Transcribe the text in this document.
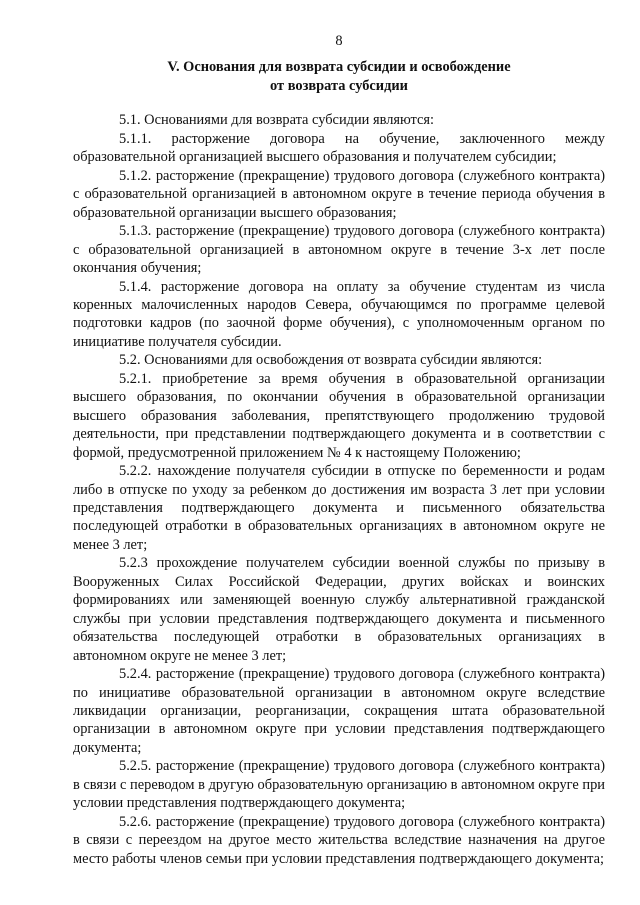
8
V. Основания для возврата субсидии и освобождение
от возврата субсидии

5.1. Основаниями для возврата субсидии являются:

5.1.1. расторжение договора на обучение, заключенного между образовательной организацией высшего образования и получателем субсидии;

5.1.2. расторжение (прекращение) трудового договора (служебного контракта) с образовательной организацией в автономном округе в течение периода обучения в образовательной организации высшего образования;

5.1.3. расторжение (прекращение) трудового договора (служебного контракта) с образовательной организацией в автономном округе в течение 3-х лет после окончания обучения;

5.1.4. расторжение договора на оплату за обучение студентам из числа коренных малочисленных народов Севера, обучающимся по программе целевой подготовки кадров (по заочной форме обучения), с уполномоченным органом по инициативе получателя субсидии.

5.2. Основаниями для освобождения от возврата субсидии являются:

5.2.1. приобретение за время обучения в образовательной организации высшего образования, по окончании обучения в образовательной организации высшего образования заболевания, препятствующего продолжению трудовой деятельности, при представлении подтверждающего документа и в соответствии с формой, предусмотренной приложением № 4 к настоящему Положению;

5.2.2. нахождение получателя субсидии в отпуске по беременности и родам либо в отпуске по уходу за ребенком до достижения им возраста 3 лет при условии представления подтверждающего документа и письменного обязательства последующей отработки в образовательных организациях в автономном округе не менее 3 лет;

5.2.3 прохождение получателем субсидии военной службы по призыву в Вооруженных Силах Российской Федерации, других войсках и воинских формированиях или заменяющей военную службу альтернативной гражданской службы при условии представления подтверждающего документа и письменного обязательства последующей отработки в образовательных организациях в автономном округе не менее 3 лет;

5.2.4. расторжение (прекращение) трудового договора (служебного контракта) по инициативе образовательной организации в автономном округе вследствие ликвидации организации, реорганизации, сокращения штата образовательной организации в автономном округе при условии представления подтверждающего документа;

5.2.5. расторжение (прекращение) трудового договора (служебного контракта) в связи с переводом в другую образовательную организацию в автономном округе при условии представления подтверждающего документа;

5.2.6. расторжение (прекращение) трудового договора (служебного контракта) в связи с переездом на другое место жительства вследствие назначения на другое место работы членов семьи при условии представления подтверждающего документа;
